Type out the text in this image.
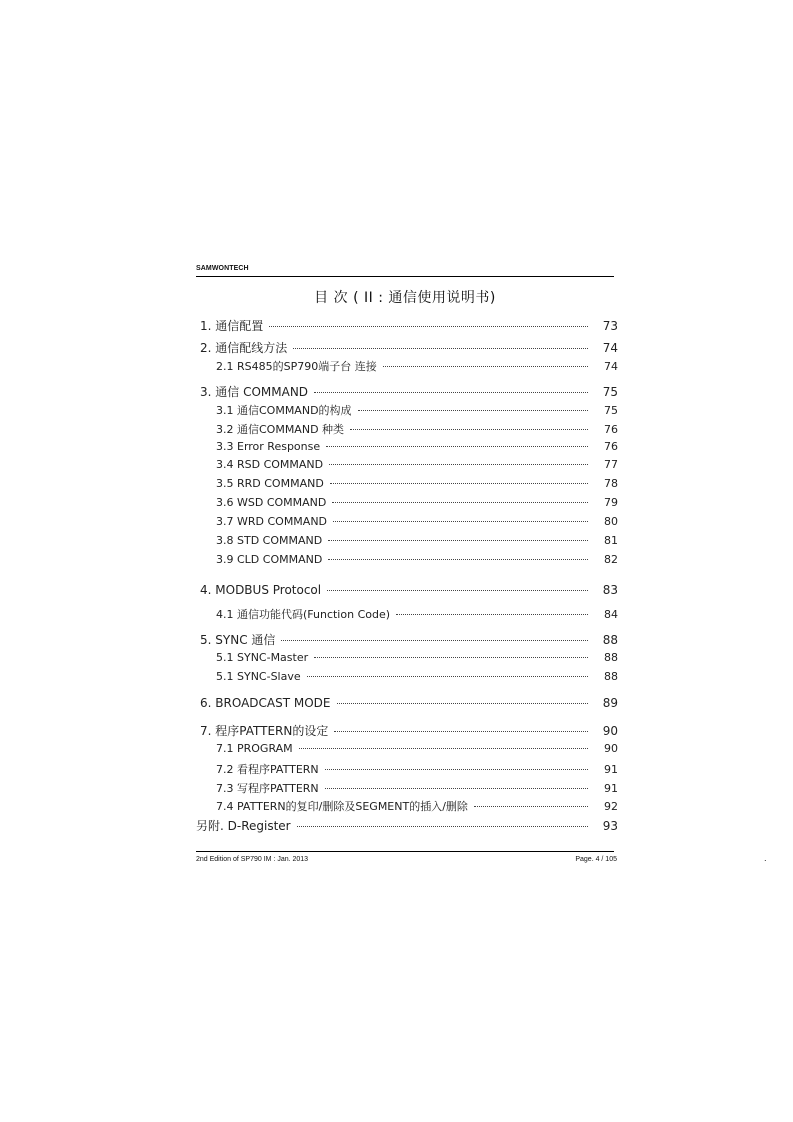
SAMWONTECH
目 次 ( II : 通信使用说明书)
1. 通信配置	73
2. 通信配线方法	74
2.1 RS485的SP790端子台 连接	74
3. 通信 COMMAND	75
3.1 通信COMMAND的构成	75
3.2 通信COMMAND 种类	76
3.3 Error Response	76
3.4 RSD COMMAND	77
3.5 RRD COMMAND	78
3.6 WSD COMMAND	79
3.7 WRD COMMAND	80
3.8 STD COMMAND	81
3.9 CLD COMMAND	82
4. MODBUS Protocol	83
4.1 通信功能代码(Function Code)	84
5. SYNC 通信	88
5.1 SYNC-Master	88
5.1 SYNC-Slave	88
6. BROADCAST MODE	89
7. 程序PATTERN的设定	90
7.1 PROGRAM	90
7.2 看程序PATTERN	91
7.3 写程序PATTERN	91
7.4 PATTERN的复印/删除及SEGMENT的插入/删除	92
另附. D-Register	93
2nd Edition of SP790 IM : Jan. 2013	Page. 4 / 105	.
